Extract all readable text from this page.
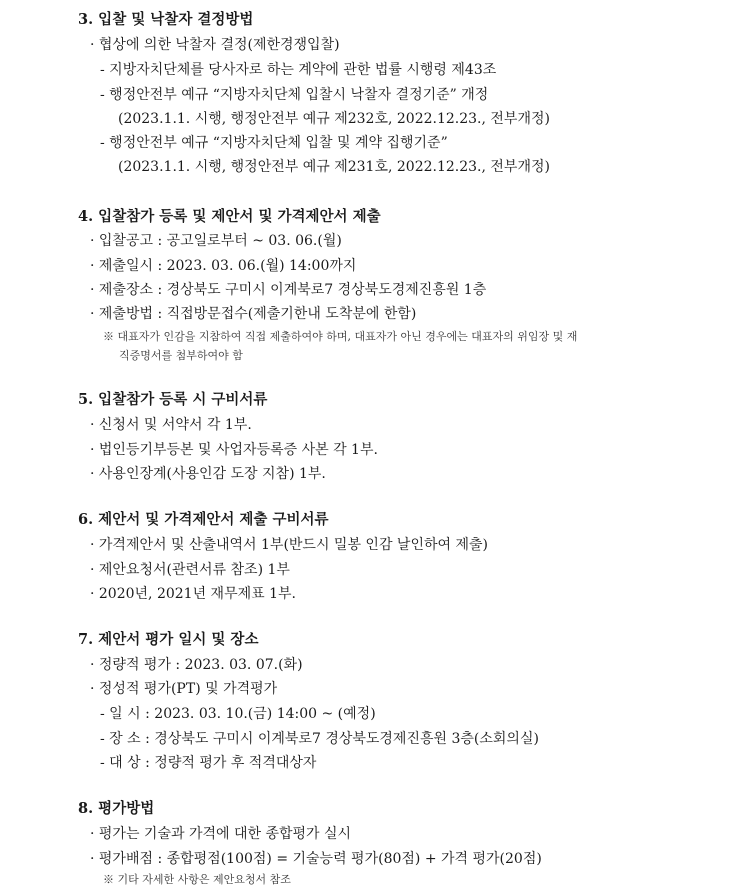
3. 입찰 및 낙찰자 결정방법
· 협상에 의한 낙찰자 결정(제한경쟁입찰)
- 지방자치단체를 당사자로 하는 계약에 관한 법률 시행령 제43조
- 행정안전부 예규 “지방자치단체 입찰시 낙찰자 결정기준” 개정
(2023.1.1. 시행, 행정안전부 예규 제232호, 2022.12.23., 전부개정)
- 행정안전부 예규 “지방자치단체 입찰 및 계약 집행기준”
(2023.1.1. 시행, 행정안전부 예규 제231호, 2022.12.23., 전부개정)
4. 입찰참가 등록 및 제안서 및 가격제안서 제출
· 입찰공고 : 공고일로부터 ~ 03. 06.(월)
· 제출일시 : 2023. 03. 06.(월) 14:00까지
· 제출장소 : 경상북도 구미시 이계북로7 경상북도경제진흥원 1층
· 제출방법 : 직접방문접수(제출기한내 도착분에 한함)
※ 대표자가 인감을 지참하여 직접 제출하여야 하며, 대표자가 아닌 경우에는 대표자의 위임장 및 재
직증명서를 첨부하여야 함
5. 입찰참가 등록 시 구비서류
· 신청서 및 서약서 각 1부.
· 법인등기부등본 및 사업자등록증 사본 각 1부.
· 사용인장계(사용인감 도장 지참) 1부.
6. 제안서 및 가격제안서 제출 구비서류
· 가격제안서 및 산출내역서 1부(반드시 밀봉 인감 날인하여 제출)
· 제안요청서(관련서류 참조) 1부
· 2020년, 2021년 재무제표 1부.
7. 제안서 평가 일시 및 장소
· 정량적 평가 : 2023. 03. 07.(화)
· 정성적 평가(PT) 및 가격평가
- 일 시 : 2023. 03. 10.(금) 14:00 ~ (예정)
- 장 소 : 경상북도 구미시 이계북로7 경상북도경제진흥원 3층(소회의실)
- 대 상 : 정량적 평가 후 적격대상자
8. 평가방법
· 평가는 기술과 가격에 대한 종합평가 실시
· 평가배점 : 종합평점(100점) = 기술능력 평가(80점) + 가격 평가(20점)
※ 기타 자세한 사항은 제안요청서 참조
